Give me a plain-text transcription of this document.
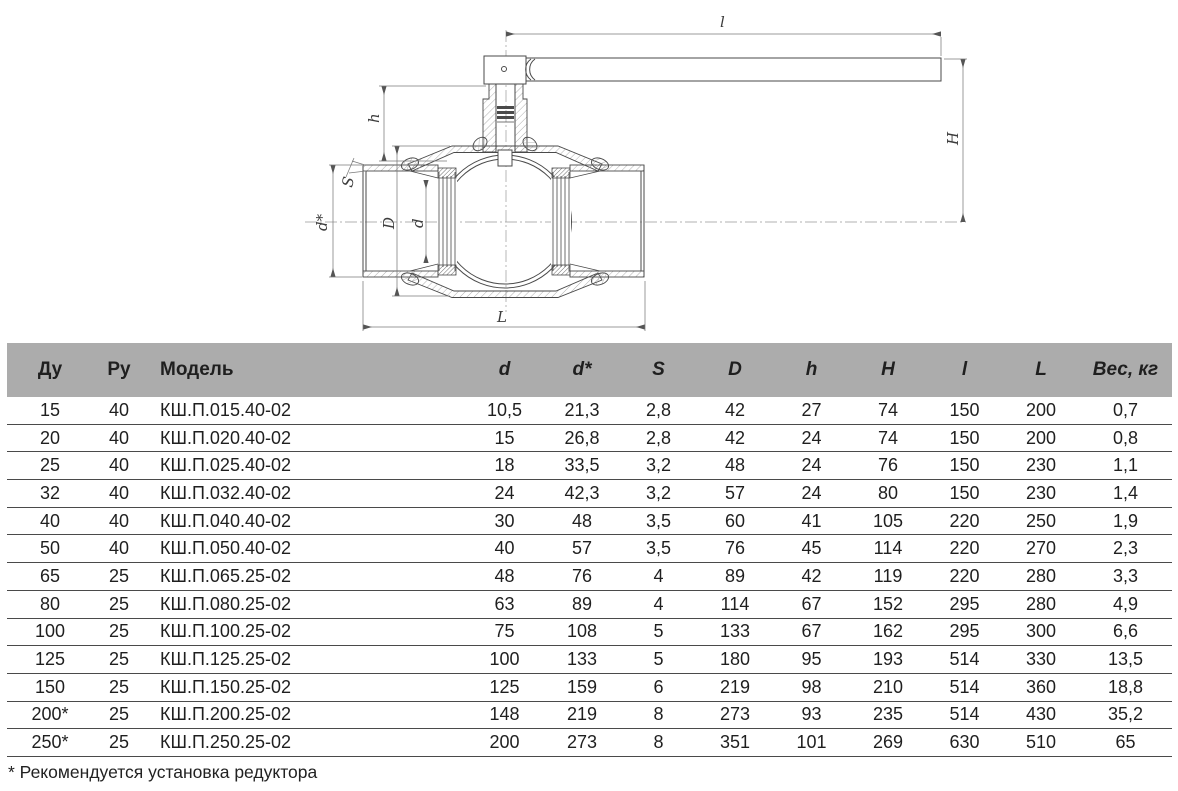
l
H
h
S
d*	D d
L
Ду	Ру	Модель	d	d*	S	D	h	H	l	L	Вес, кг
15	40	КШ.П.015.40-02	10,5	21,3	2,8	42	27	74	150	200	0,7
20	40	КШ.П.020.40-02	15	26,8	2,8	42	24	74	150	200	0,8
25	40	КШ.П.025.40-02	18	33,5	3,2	48	24	76	150	230	1,1
32	40	КШ.П.032.40-02	24	42,3	3,2	57	24	80	150	230	1,4
40	40	КШ.П.040.40-02	30	48	3,5	60	41	105	220	250	1,9
50	40	КШ.П.050.40-02	40	57	3,5	76	45	114	220	270	2,3
65	25	КШ.П.065.25-02	48	76	4	89	42	119	220	280	3,3
80	25	КШ.П.080.25-02	63	89	4	114	67	152	295	280	4,9
100	25	КШ.П.100.25-02	75	108	5	133	67	162	295	300	6,6
125	25	КШ.П.125.25-02	100	133	5	180	95	193	514	330	13,5
150	25	КШ.П.150.25-02	125	159	6	219	98	210	514	360	18,8
200*	25	КШ.П.200.25-02	148	219	8	273	93	235	514	430	35,2
250*	25	КШ.П.250.25-02	200	273	8	351	101	269	630	510	65
* Рекомендуется установка редуктора
